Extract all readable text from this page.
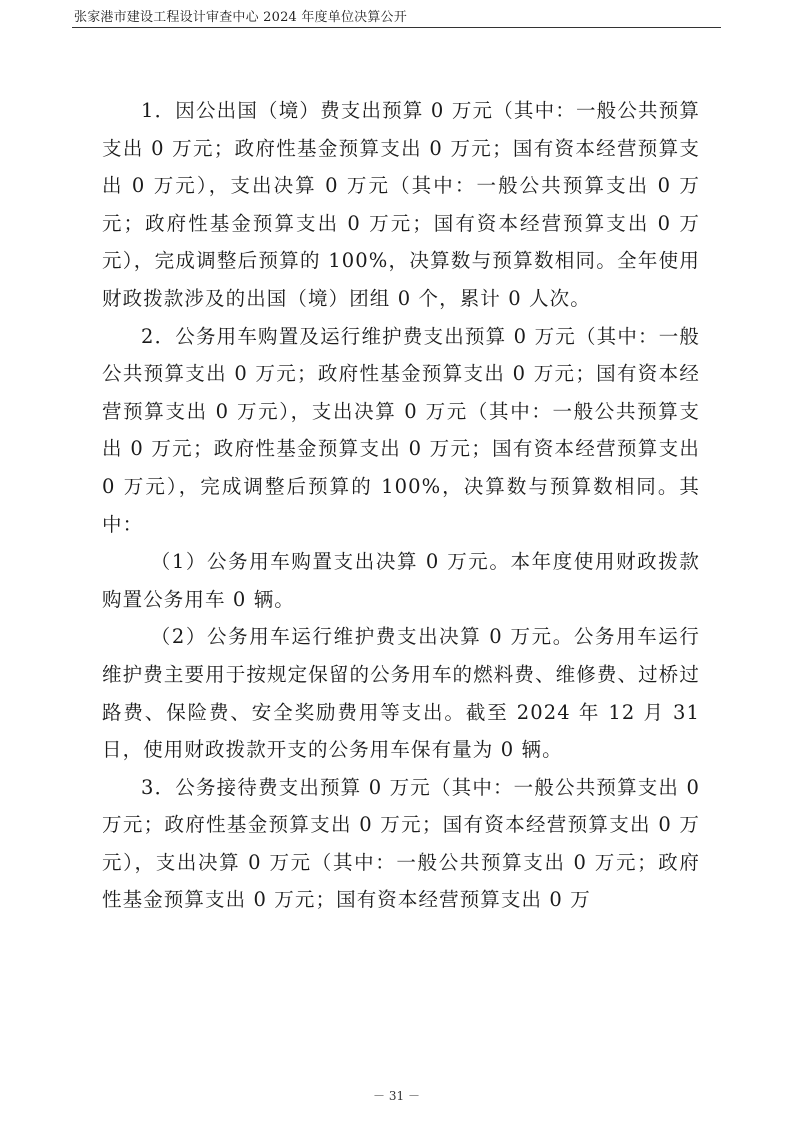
张家港市建设工程设计审查中心 2024 年度单位决算公开

1．因公出国（境）费支出预算 0 万元（其中：一般公共预算支出 0 万元；政府性基金预算支出 0 万元；国有资本经营预算支出 0 万元），支出决算 0 万元（其中：一般公共预算支出 0 万元；政府性基金预算支出 0 万元；国有资本经营预算支出 0 万元），完成调整后预算的 100%，决算数与预算数相同。全年使用财政拨款涉及的出国（境）团组 0 个，累计 0 人次。

2．公务用车购置及运行维护费支出预算 0 万元（其中：一般公共预算支出 0 万元；政府性基金预算支出 0 万元；国有资本经营预算支出 0 万元），支出决算 0 万元（其中：一般公共预算支出 0 万元；政府性基金预算支出 0 万元；国有资本经营预算支出 0 万元），完成调整后预算的 100%，决算数与预算数相同。其中：

（1）公务用车购置支出决算 0 万元。本年度使用财政拨款购置公务用车 0 辆。

（2）公务用车运行维护费支出决算 0 万元。公务用车运行维护费主要用于按规定保留的公务用车的燃料费、维修费、过桥过路费、保险费、安全奖励费用等支出。截至 2024 年 12 月 31 日，使用财政拨款开支的公务用车保有量为 0 辆。

3．公务接待费支出预算 0 万元（其中：一般公共预算支出 0 万元；政府性基金预算支出 0 万元；国有资本经营预算支出 0 万元），支出决算 0 万元（其中：一般公共预算支出 0 万元；政府性基金预算支出 0 万元；国有资本经营预算支出 0 万

－ 31 －
